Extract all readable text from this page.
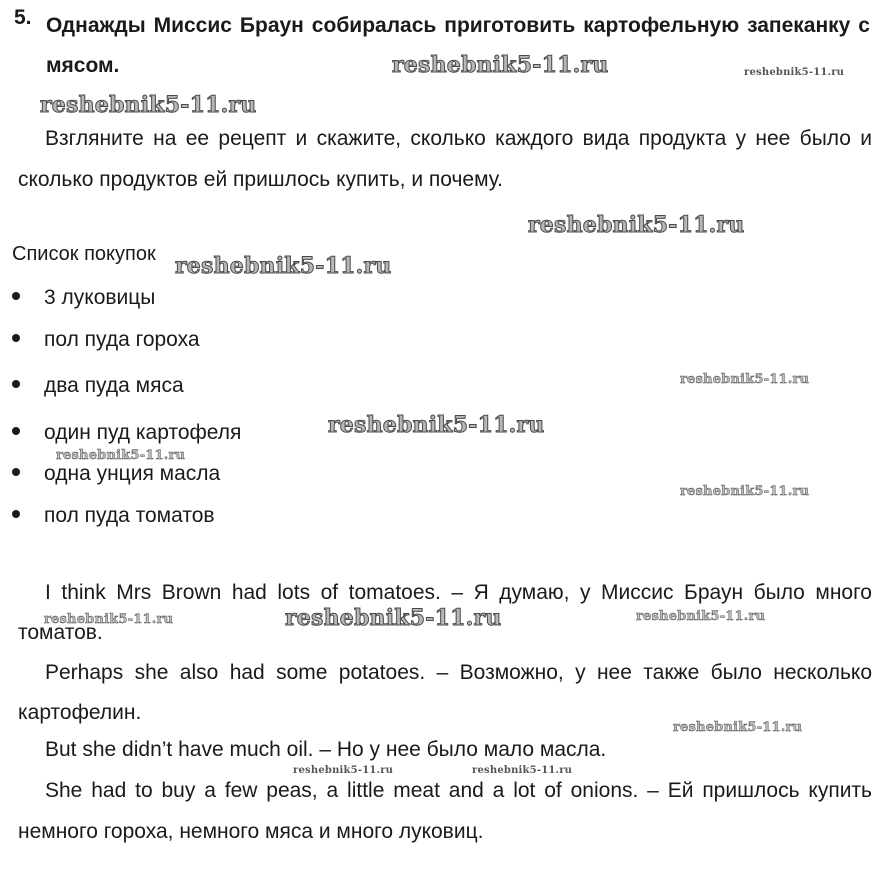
5. Однажды Миссис Браун собиралась приготовить картофельную запеканку с мясом.

Взгляните на ее рецепт и скажите, сколько каждого вида продукта у нее было и сколько продуктов ей пришлось купить, и почему.

Список покупок
3 луковицы
пол пуда гороха
два пуда мяса
один пуд картофеля
одна унция масла
пол пуда томатов

I think Mrs Brown had lots of tomatoes. – Я думаю, у Миссис Браун было много томатов.

Perhaps she also had some potatoes. – Возможно, у нее также было несколько картофелин.

But she didn’t have much oil. – Но у нее было мало масла.

She had to buy a few peas, a little meat and a lot of onions. – Ей пришлось купить немного гороха, немного мяса и много луковиц.

reshebnik5-11.ru	reshebnik5-11.ru
reshebnik5-11.ru
reshebnik5-11.ru
reshebnik5-11.ru
reshebnik5-11.ru
reshebnik5-11.ru
reshebnik5-11.ru
reshebnik5-11.ru
reshebnik5-11.ru
reshebnik5-11.ru	reshebnik5-11.ru
reshebnik5-11.ru
reshebnik5-11.ru	reshebnik5-11.ru
